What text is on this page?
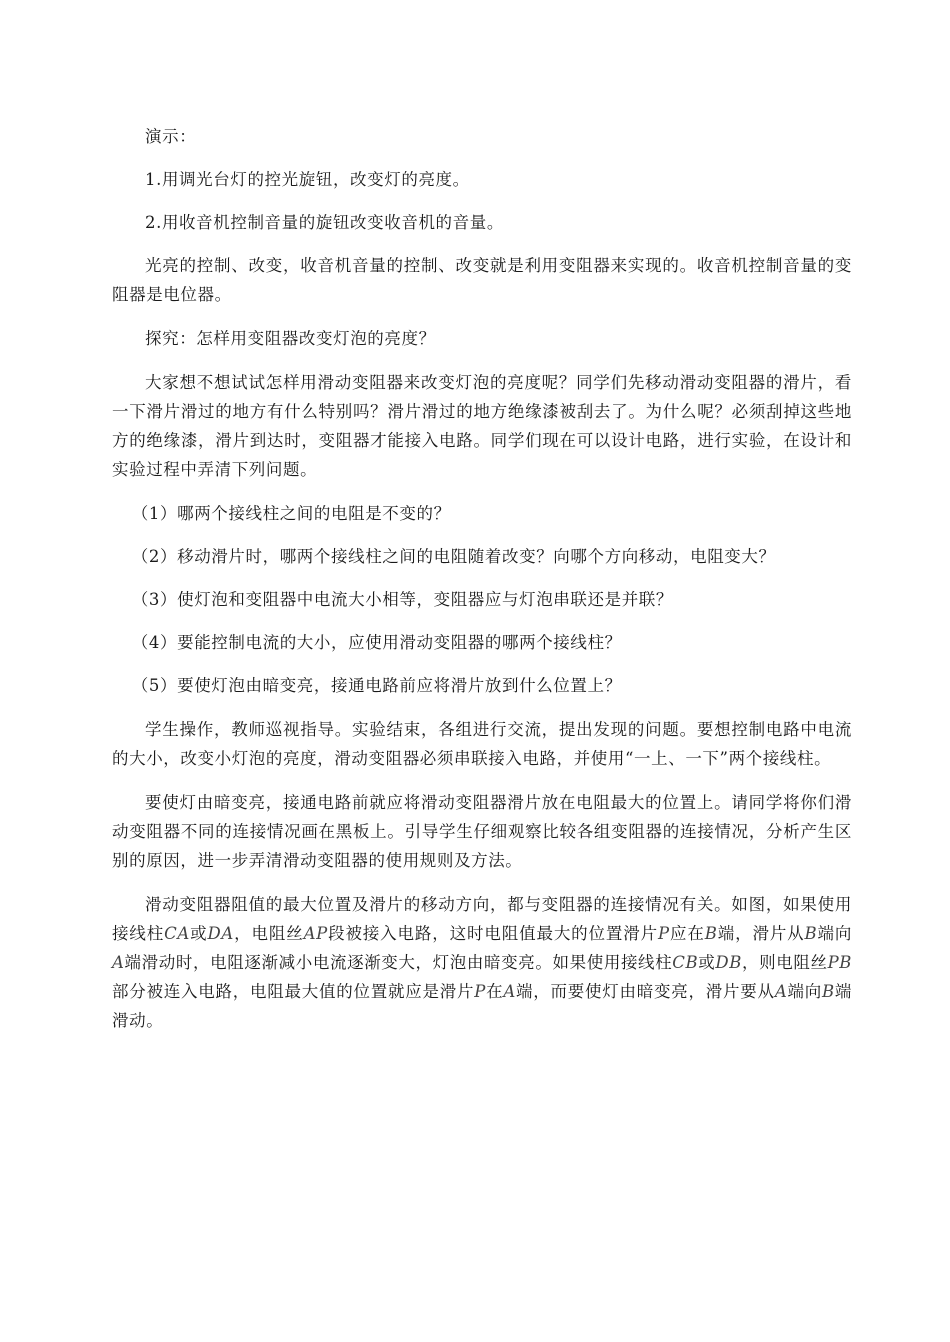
演示：

1.用调光台灯的控光旋钮，改变灯的亮度。

2.用收音机控制音量的旋钮改变收音机的音量。

光亮的控制、改变，收音机音量的控制、改变就是利用变阻器来实现的。收音机控制音量的变阻器是电位器。

探究：怎样用变阻器改变灯泡的亮度？

大家想不想试试怎样用滑动变阻器来改变灯泡的亮度呢？同学们先移动滑动变阻器的滑片，看一下滑片滑过的地方有什么特别吗？滑片滑过的地方绝缘漆被刮去了。为什么呢？必须刮掉这些地方的绝缘漆，滑片到达时，变阻器才能接入电路。同学们现在可以设计电路，进行实验，在设计和实验过程中弄清下列问题。

（1）哪两个接线柱之间的电阻是不变的？

（2）移动滑片时，哪两个接线柱之间的电阻随着改变？向哪个方向移动，电阻变大？

（3）使灯泡和变阻器中电流大小相等，变阻器应与灯泡串联还是并联？

（4）要能控制电流的大小，应使用滑动变阻器的哪两个接线柱？

（5）要使灯泡由暗变亮，接通电路前应将滑片放到什么位置上？

学生操作，教师巡视指导。实验结束，各组进行交流，提出发现的问题。要想控制电路中电流的大小，改变小灯泡的亮度，滑动变阻器必须串联接入电路，并使用“一上、一下”两个接线柱。

要使灯由暗变亮，接通电路前就应将滑动变阻器滑片放在电阻最大的位置上。请同学将你们滑动变阻器不同的连接情况画在黑板上。引导学生仔细观察比较各组变阻器的连接情况，分析产生区别的原因，进一步弄清滑动变阻器的使用规则及方法。

滑动变阻器阻值的最大位置及滑片的移动方向，都与变阻器的连接情况有关。如图，如果使用接线柱CA或DA，电阻丝AP段被接入电路，这时电阻值最大的位置滑片P应在B端，滑片从B端向A端滑动时，电阻逐渐减小电流逐渐变大，灯泡由暗变亮。如果使用接线柱CB或DB，则电阻丝PB部分被连入电路，电阻最大值的位置就应是滑片P在A端，而要使灯由暗变亮，滑片要从A端向B端滑动。
